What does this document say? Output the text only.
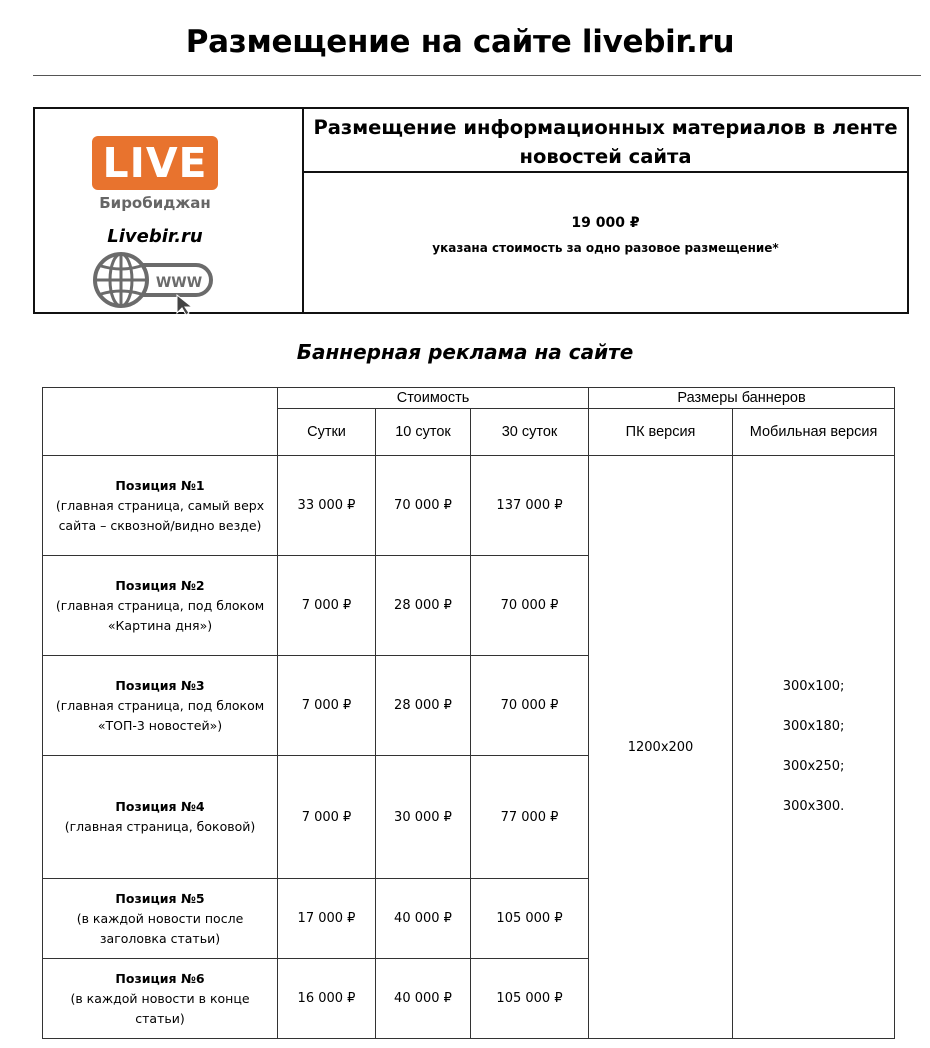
Размещение на сайте livebir.ru
LIVE
Биробиджан
Livebir.ru
WWW
Размещение информационных материалов в ленте новостей сайта
19 000 ₽
указана стоимость за одно разовое размещение*
Баннерная реклама на сайте
	Стоимость			Размеры баннеров	
	Сутки	10 суток	30 суток	ПК версия	Мобильная версия

Позиция №1
(главная страница, самый верх сайта – сквозной/видно везде)	33 000 ₽	70 000 ₽	137 000 ₽	1200x200	300x100;
300x180;
300x250;
300x300.

Позиция №2
(главная страница, под блоком «Картина дня»)	7 000 ₽	28 000 ₽	70 000 ₽		

Позиция №3
(главная страница, под блоком «ТОП-3 новостей»)	7 000 ₽	28 000 ₽	70 000 ₽		

Позиция №4
(главная страница, боковой)	7 000 ₽	30 000 ₽	77 000 ₽		

Позиция №5
(в каждой новости после заголовка статьи)	17 000 ₽	40 000 ₽	105 000 ₽		

Позиция №6
(в каждой новости в конце статьи)	16 000 ₽	40 000 ₽	105 000 ₽		
